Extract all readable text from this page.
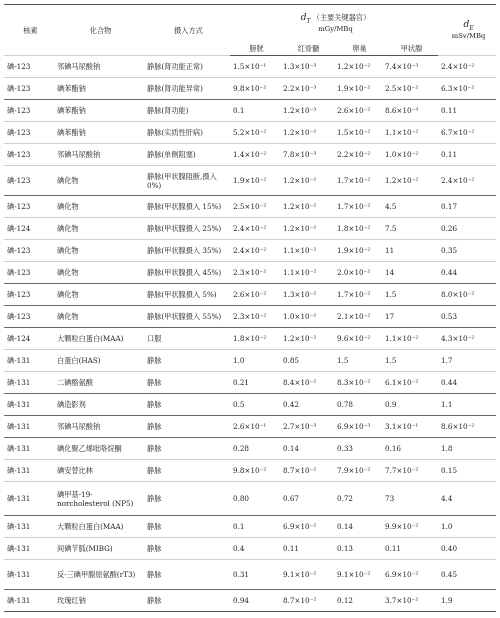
核素	化合物	摄入方式	$d_T$ （主要关键器官）
mGy/MBq				$d_E$
mSv/MBq

			膀胱	红骨髓	卵巢	甲状腺	
碘-123	邻碘马尿酸钠	静脉(肾功能正常)	1.5×10⁻¹	1.3×10⁻³	1.2×10⁻²	7.4×10⁻³	2.4×10⁻²
碘-123	碘苯酯钠	静脉(肾功能异常)	9.8×10⁻²	2.2×10⁻³	1.9×10⁻²	2.5×10⁻²	6.3×10⁻²
碘-123	碘苯酯钠	静脉(肾功能)	0.1	1.2×10⁻³	2.6×10⁻²	8.6×10⁻³	0.11
碘-123	碘苯酯钠	静脉(实质性肝病)	5.2×10⁻²	1.2×10⁻²	1.5×10⁻²	1.1×10⁻²	6.7×10⁻²
碘-123	邻碘马尿酸钠	静脉(单侧阻塞)	1.4×10⁻²	7.8×10⁻³	2.2×10⁻²	1.0×10⁻²	0.11
碘-123	碘化物	静脉(甲状腺阻断,摄入 0%)	1.9×10⁻²	1.2×10⁻²	1.7×10⁻²	1.2×10⁻²	2.4×10⁻²
碘-123	碘化物	静脉(甲状腺摄入 15%)	2.5×10⁻²	1.2×10⁻²	1.7×10⁻²	4.5	0.17
碘-124	碘化物	静脉(甲状腺摄入 25%)	2.4×10⁻²	1.2×10⁻²	1.8×10⁻²	7.5	0.26
碘-123	碘化物	静脉(甲状腺摄入 35%)	2.4×10⁻²	1.1×10⁻²	1.9×10⁻²	11	0.35
碘-123	碘化物	静脉(甲状腺摄入 45%)	2.3×10⁻²	1.1×10⁻²	2.0×10⁻²	14	0.44
碘-123	碘化物	静脉(甲状腺摄入 5%)	2.6×10⁻²	1.3×10⁻²	1.7×10⁻²	1.5	8.0×10⁻²
碘-123	碘化物	静脉(甲状腺摄入 55%)	2.3×10⁻²	1.0×10⁻²	2.1×10⁻²	17	0.53
碘-124	大颗粒白蛋白(MAA)	口服	1.8×10⁻²	1.2×10⁻²	9.6×10⁻²	1.1×10⁻²	4.3×10⁻²
碘-131	白蛋白(HAS)	静脉	1.0	0.85	1.5	1.5	1.7
碘-131	二碘酪氨酸	静脉	0.21	8.4×10⁻²	8.3×10⁻²	6.1×10⁻²	0.44
碘-131	碘造影剂	静脉	0.5	0.42	0.78	0.9	1.1
碘-131	邻碘马尿酸钠	静脉	2.6×10⁻¹	2.7×10⁻³	6.9×10⁻³	3.1×10⁻¹	8.6×10⁻²
碘-131	碘化聚乙烯吡咯烷酮	静脉	0.28	0.14	0.33	0.16	1.8
碘-131	碘安替比林	静脉	9.8×10⁻²	8.7×10⁻²	7.9×10⁻²	7.7×10⁻²	0.15
碘-131	碘甲基-19-norcholesterol (NP5)	静脉	0.80	0.67	0.72	73	4.4
碘-131	大颗粒白蛋白(MAA)	静脉	0.1	6.9×10⁻²	0.14	9.9×10⁻²	1.0
碘-131	间碘苄胍(MIBG)	静脉	0.4	0.11	0.13	0.11	0.40
碘-131	反-三碘甲腺原氨酸(rT3)	静脉	0.31	9.1×10⁻²	9.1×10⁻²	6.9×10⁻²	0.45
碘-131	玫瑰红钠	静脉	0.94	8.7×10⁻²	0.12	3.7×10⁻²	1.9
